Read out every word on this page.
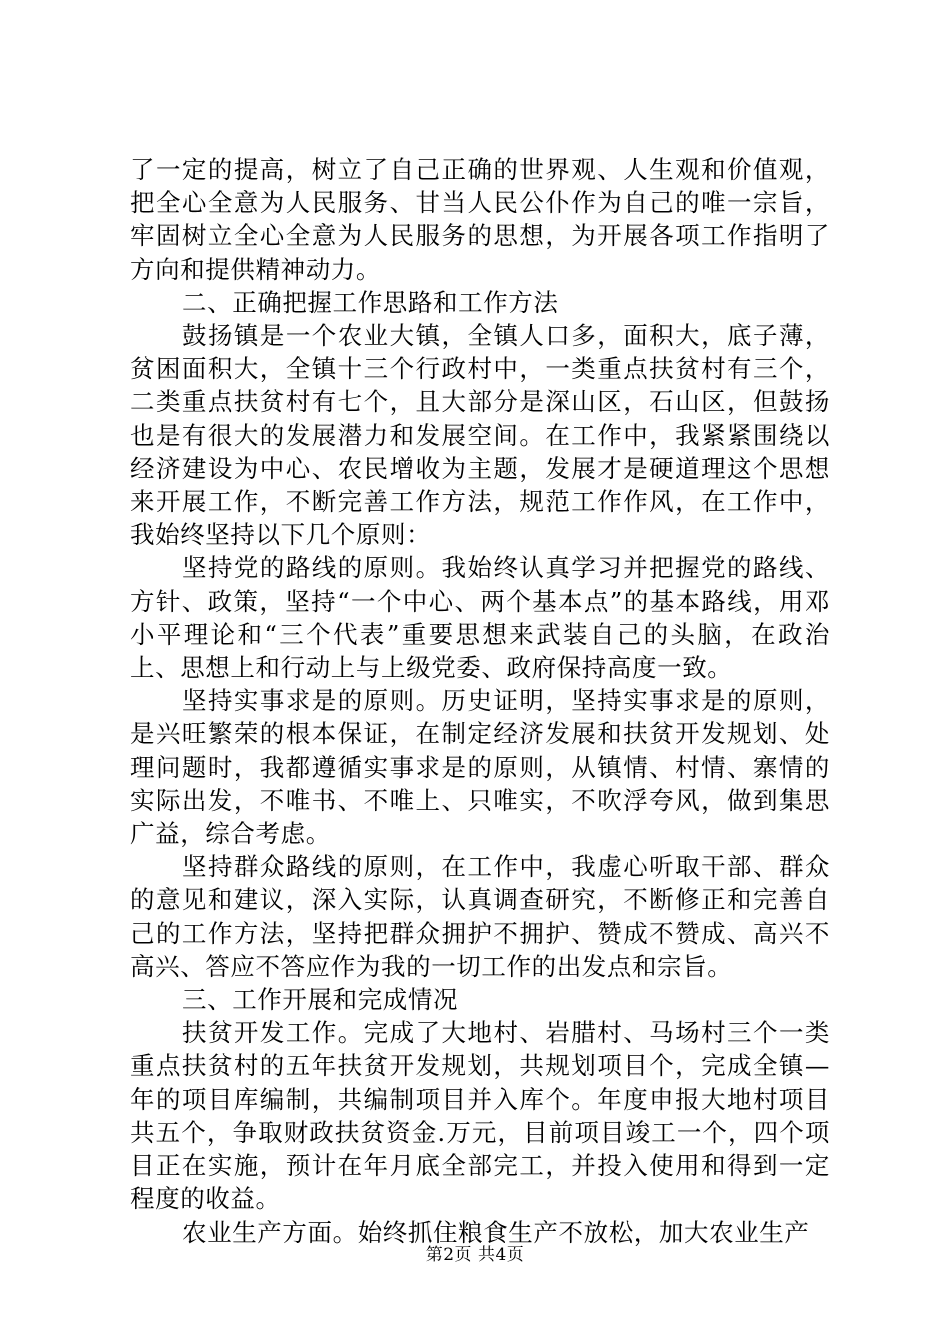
了一定的提高，树立了自己正确的世界观、人生观和价值观，把全心全意为人民服务、甘当人民公仆作为自己的唯一宗旨，牢固树立全心全意为人民服务的思想，为开展各项工作指明了方向和提供精神动力。

二、正确把握工作思路和工作方法

鼓扬镇是一个农业大镇，全镇人口多，面积大，底子薄，贫困面积大，全镇十三个行政村中，一类重点扶贫村有三个，二类重点扶贫村有七个，且大部分是深山区，石山区，但鼓扬也是有很大的发展潜力和发展空间。在工作中，我紧紧围绕以经济建设为中心、农民增收为主题，发展才是硬道理这个思想来开展工作，不断完善工作方法，规范工作作风，在工作中，我始终坚持以下几个原则：

坚持党的路线的原则。我始终认真学习并把握党的路线、方针、政策，坚持“一个中心、两个基本点”的基本路线，用邓小平理论和“三个代表”重要思想来武装自己的头脑，在政治上、思想上和行动上与上级党委、政府保持高度一致。

坚持实事求是的原则。历史证明，坚持实事求是的原则，是兴旺繁荣的根本保证，在制定经济发展和扶贫开发规划、处理问题时，我都遵循实事求是的原则，从镇情、村情、寨情的实际出发，不唯书、不唯上、只唯实，不吹浮夸风，做到集思广益，综合考虑。

坚持群众路线的原则，在工作中，我虚心听取干部、群众的意见和建议，深入实际，认真调查研究，不断修正和完善自己的工作方法，坚持把群众拥护不拥护、赞成不赞成、高兴不高兴、答应不答应作为我的一切工作的出发点和宗旨。

三、工作开展和完成情况

扶贫开发工作。完成了大地村、岩腊村、马场村三个一类重点扶贫村的五年扶贫开发规划，共规划项目个，完成全镇—年的项目库编制，共编制项目并入库个。年度申报大地村项目共五个，争取财政扶贫资金.万元，目前项目竣工一个，四个项目正在实施，预计在年月底全部完工，并投入使用和得到一定程度的收益。

农业生产方面。始终抓住粮食生产不放松，加大农业生产

第2页 共4页
